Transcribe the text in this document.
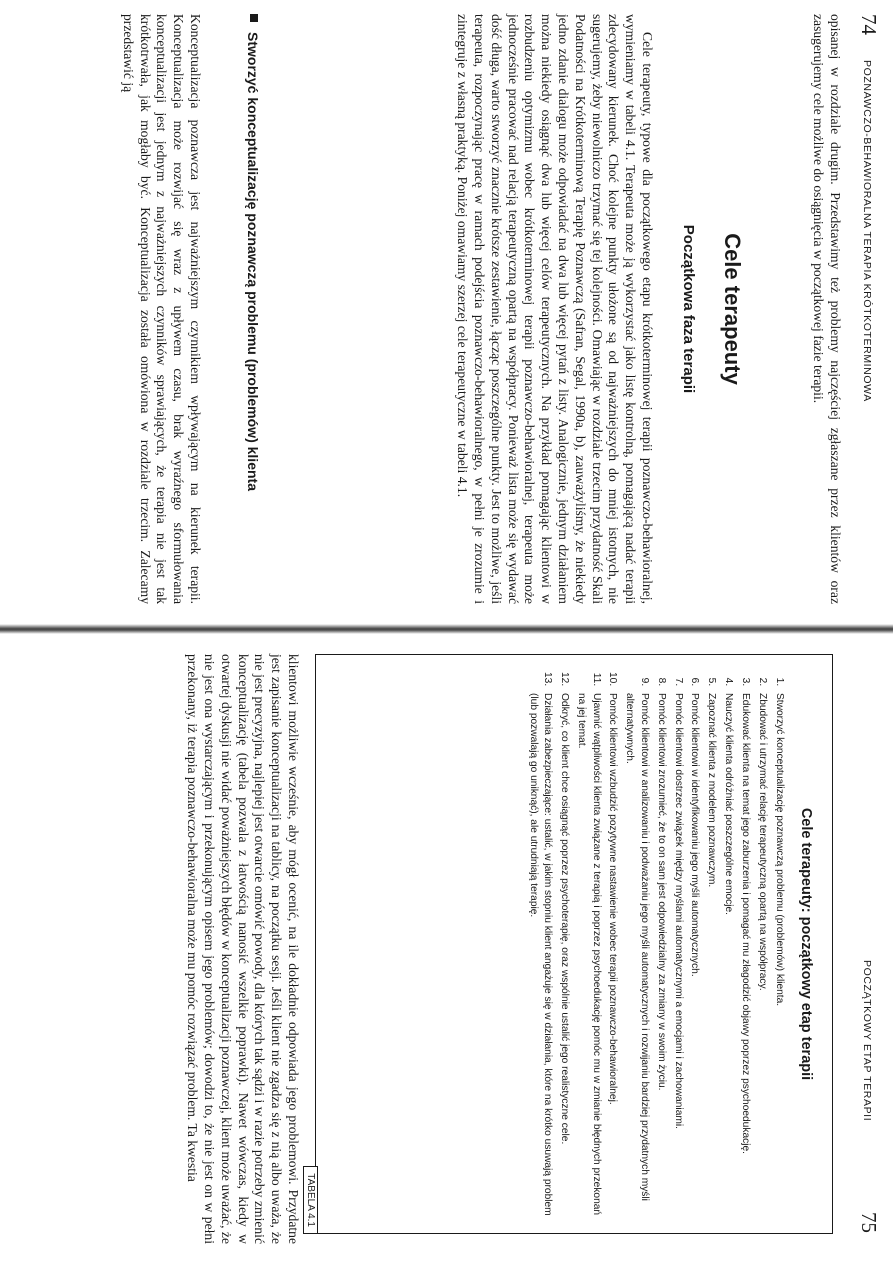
74
POZNAWCZO-BEHAWIORALNA TERAPIA KRÓTKOTERMINOWA

opisanej w rozdziale drugim. Przedstawimy też problemy najczęściej zgłaszane przez klientów oraz zasugerujemy cele możliwe do osiągnięcia w początkowej fazie terapii.

Cele terapeuty
Początkowa faza terapii

Cele terapeuty, typowe dla początkowego etapu krótkoterminowej terapii poznawczo-behawioralnej, wymieniamy w tabeli 4.1. Terapeuta może ją wykorzystać jako listę kontrolną, pomagającą nadać terapii zdecydowany kierunek. Choć kolejne punkty ułożone są od najważniejszych do mniej istotnych, nie sugerujemy, żeby niewolniczo trzymać się tej kolejności. Omawiając w rozdziale trzecim przydatność Skali Podatności na Krótkoterminową Terapię Poznawczą (Safran, Segal, 1990a, b), zauważyliśmy, że niekiedy jedno zdanie dialogu może odpowiadać na dwa lub więcej pytań z listy. Analogicznie, jednym działaniem można niekiedy osiągnąć dwa lub więcej celów terapeutycznych. Na przykład pomagając klientowi w rozbudzeniu optymizmu wobec krótkoterminowej terapii poznawczo-behawioralnej, terapeuta może jednocześnie pracować nad relacją terapeutyczną opartą na współpracy. Ponieważ lista może się wydawać dość długa, warto stworzyć znacznie krótsze zestawienie, łącząc poszczególne punkty. Jest to możliwe, jeśli terapeuta, rozpoczynając pracę w ramach podejścia poznawczo-behawioralnego, w pełni je zrozumie i zintegruje z własną praktyką. Poniżej omawiamy szerzej cele terapeutyczne w tabeli 4.1.

Stworzyć konceptualizację poznawczą problemu (problemów) klienta

Konceptualizacja poznawcza jest najważniejszym czynnikiem wpływającym na kierunek terapii. Konceptualizacja może rozwijać się wraz z upływem czasu, brak wyraźnego sformułowania konceptualizacji jest jednym z najważniejszych czynników sprawiających, że terapia nie jest tak krótkotrwała, jak mogłaby być. Konceptualizacja została omówiona w rozdziale trzecim. Zalecamy przedstawić ją

POCZĄTKOWY ETAP TERAPII
75
Cele terapeuty: początkowy etap terapii
1. Stworzyć konceptualizację poznawczą problemu (problemów) klienta.
2. Zbudować i utrzymać relację terapeutyczną opartą na współpracy.
3. Edukować klienta na temat jego zaburzenia i pomagać mu złagodzić objawy poprzez psychoedukację.
4. Nauczyć klienta odróżniać poszczególne emocje.
5. Zapoznać klienta z modelem poznawczym.
6. Pomóc klientowi w identyfikowaniu jego myśli automatycznych.
7. Pomóc klientowi dostrzec związek między myślami automatycznymi a emocjami i zachowaniami.
8. Pomóc klientowi zrozumieć, że to on sam jest odpowiedzialny za zmiany w swoim życiu.
9. Pomóc klientowi w analizowaniu i podważaniu jego myśli automatycznych i rozwijaniu bardziej przydatnych myśli alternatywnych.
10. Pomóc klientowi wzbudzić pozytywne nastawienie wobec terapii poznawczo-behawioralnej.
11. Ujawnić wątpliwości klienta związane z terapią i poprzez psychoedukację pomóc mu w zmianie błędnych przekonań na jej temat.
12. Odkryć, co klient chce osiągnąć poprzez psychoterapię, oraz wspólnie ustalić jego realistyczne cele.
13. Działania zabezpieczające: ustalić, w jakim stopniu klient angażuje się w działania, które na krótko usuwają problem (lub pozwalają go uniknąć), ale utrudniają terapię.
TABELA 4.1

klientowi możliwie wcześnie, aby mógł ocenić, na ile dokładnie odpowiada jego problemowi. Przydatne jest zapisanie konceptualizacji na tablicy, na początku sesji. Jeśli klient nie zgadza się z nią albo uważa, że nie jest precyzyjna, najlepiej jest otwarcie omówić powody, dla których tak sądzi i w razie potrzeby zmienić konceptualizację (tabela pozwala z łatwością nanosić wszelkie poprawki). Nawet wówczas, kiedy w otwartej dyskusji nie widać poważniejszych błędów w konceptualizacji poznawczej, klient może uważać, że nie jest ona wystarczającym i przekonującym opisem jego problemów; dowodzi to, że nie jest on w pełni przekonany, iż terapia poznawczo-behawioralna może mu pomóc rozwiązać problem. Ta kwestia
